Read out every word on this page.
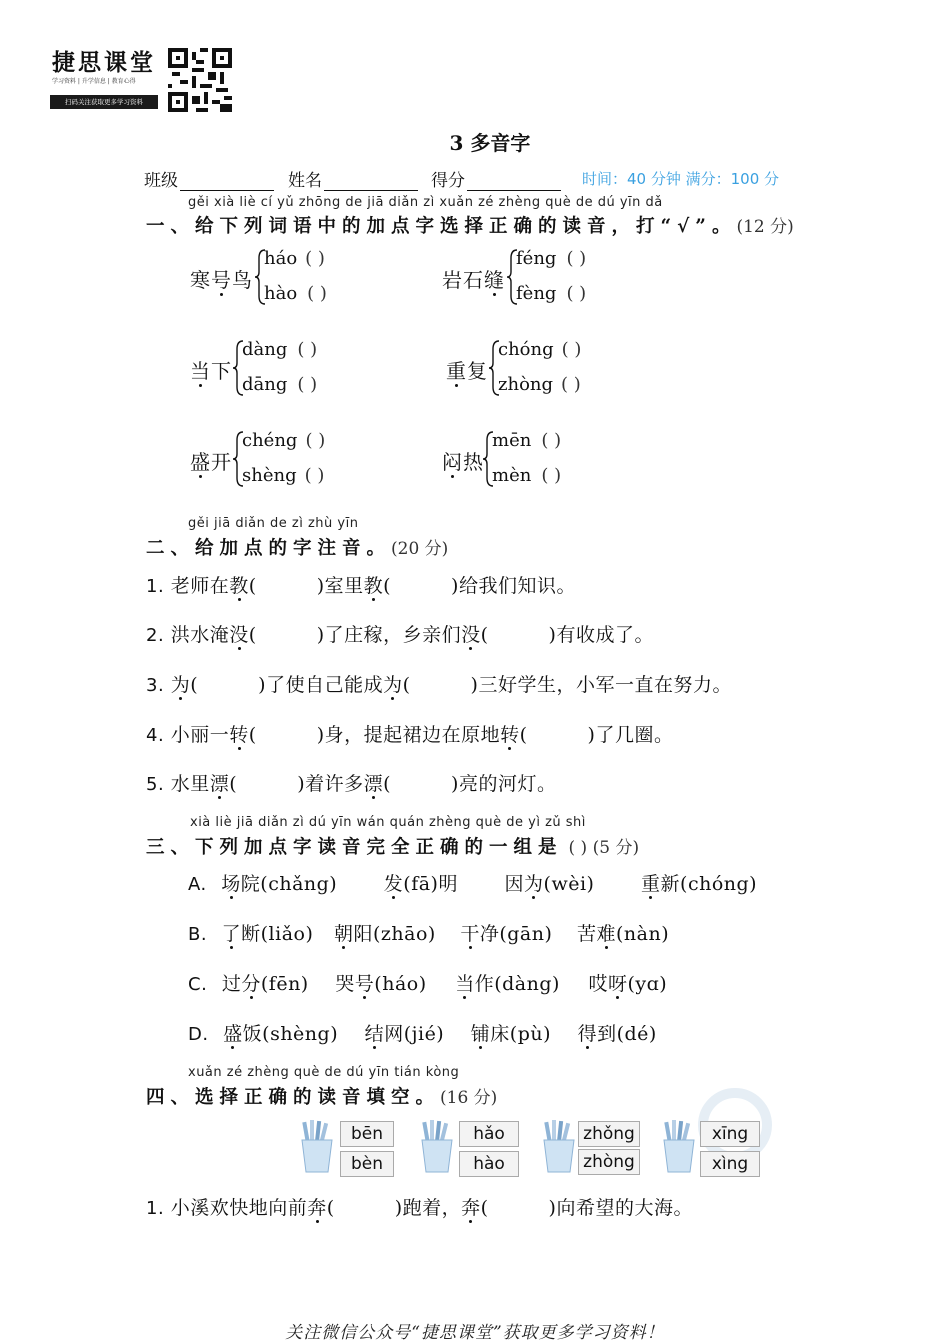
捷思课堂
学习资料 | 升学信息 | 教育心得
扫码关注获取更多学习资料
3 多音字
班级	姓名	得分	时间：40 分钟 满分：100 分
gěi xià liè cí yǔ zhōng de jiā diǎn zì xuǎn zé zhèng què de dú yīn dǎ
一、给下列词语中的加点字选择正确的读音，打“√”。(12 分)
寒号鸟
háo ( )
hào ( )
岩石缝
féng ( )
fèng ( )
当下
dàng ( )
dāng ( )
重复
chóng ( )
zhòng ( )
盛开
chéng ( )
shèng ( )
闷热
mēn ( )
mèn ( )
gěi jiā diǎn de zì zhù yīn
二、给加点的字注音。(20 分)
1. 老师在教(	)室里教(	)给我们知识。
2. 洪水淹没(	)了庄稼，乡亲们没(	)有收成了。
3. 为(	)了使自己能成为(	)三好学生，小军一直在努力。
4. 小丽一转(	)身，提起裙边在原地转(	)了几圈。
5. 水里漂(	)着许多漂(	)亮的河灯。
xià liè jiā diǎn zì dú yīn wán quán zhèng què de yì zǔ shì
三、下列加点字读音完全正确的一组是 ( ) (5 分)
A. 场院(chǎng) 发(fā)明 因为(wèi) 重新(chóng)
B. 了断(liǎo) 朝阳(zhāo) 干净(gān) 苦难(nàn)
C. 过分(fēn) 哭号(háo) 当作(dàng) 哎呀(yɑ)
D. 盛饭(shèng) 结网(jié) 铺床(pù) 得到(dé)
xuǎn zé zhèng què de dú yīn tián kòng
四、选择正确的读音填空。(16 分)
bēn
bèn
hǎo
hào
zhǒng
zhòng
xīng
xìng
1. 小溪欢快地向前奔(	)跑着，奔(	)向希望的大海。
关注微信公众号“捷思课堂”获取更多学习资料！
